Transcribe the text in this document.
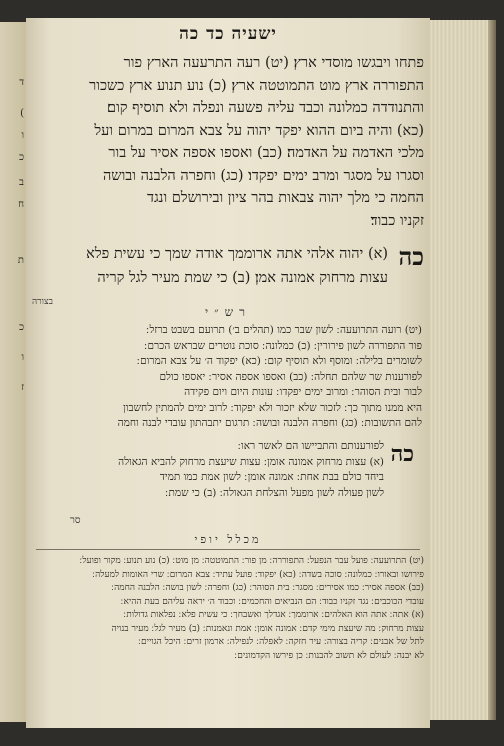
ד
(
ו
כ
ב
ח
ת
כ
ו
ז
ישעיה כד כה

פתחו ויבגשו מוסדי ארץ׃ (יט) רעה התרעעה הארץ פור

התפוררה ארץ מוט התמוטטה ארץ׃ (כ) נוע תנוע ארץ כשכור

והתנודדה כמלונה וכבד עליה פשעה ונפלה ולא תוסיף קום׃

(כא) והיה ביום ההוא יפקד יהוה על צבא המרום במרום ועל

מלכי האדמה על האדמה׃ (כב) ואספו אספה אסיר על בור

וסגרו על מסגר ומרב ימים יפקדו׃ (כג) וחפרה הלבנה ובושה

החמה כי מלך יהוה צבאות בהר ציון ובירושלם ונגד

זקניו כבוד׃

כה

(א) יהוה אלהי אתה ארוממך אודה שמך כי עשית פלא

עצות מרחוק אמונה אמן׃ (ב) כי שמת מעיר לגל קריה

בצורה
רש״י

(יט) רועה התרועעה ׃ לשון שבר כמו (תהלים ב׳) תרועם בשבט ברזל ׃

פור התפוררה לשון פירורין ׃ (כ) כמלונה ׃ סוכת נוטרים שבראש הכרם ׃

לשומרים בלילה ׃ ומוסף ולא תוסיף קום ׃ (כא) יפקוד ה׳ על צבא המרום ׃

לפורענות שר שלהם תחלה ׃ (כב) ואספו אספה אסיר ׃ יאספו כולם

לבור ובית הסוהר ׃ ומרוב ימים יפקדו ׃ עונות היום ויום פקידה

היא ממנו מתוך כך ׃ לזכור שלא יזכור ולא יפקוד ׃ לרוב ימים להמתין לחשבון

להם התשובות ׃ (כג) וחפרה הלבנה ובושה ׃ תרגום יתבהתון עובדי לבנה וחמה

כה

לפורענותם והתביישו הם לאשר ראו ׃

(א) עצות מרחוק אמונה אומן ׃ עצות שיעצת מרחוק להביא הגאולה

ביחד כולם בבת אחת ׃ אמונה אומן ׃ לשון אמת כמו תמיד

לשון פעולה לשון מפעל והצלחת הגאולה ׃ (ב) כי שמת ׃

סר
מכלל יופי

(יט) התרועעה ׃ פועל עבר הנפעל ׃ התפוררה ׃ מן פור ׃ התמוטטה ׃ מן מוט ׃ (כ) נוע תנוע ׃ מקור ופועל ׃

פירושו ובאורו ׃ כמלונה ׃ סוכה בשדה ׃ (כא) יפקוד ׃ פועל עתיד ׃ צבא המרום ׃ שרי האומות למעלה ׃

(כב) אספה אסיר ׃ כמו אסירים ׃ מסגר ׃ בית הסוהר ׃ (כג) וחפרה ׃ לשון בושה ׃ הלבנה החמה ׃

עובדי הכוכבים ׃ נגד זקניו כבוד ׃ הם הנביאים והחכמים ׃ וכבוד ה׳ יראה עליהם בעת ההיא ׃

(א) אתה ׃ אתה הוא האלהים ׃ ארוממך ׃ אגדלך ואשבחך ׃ כי עשית פלא ׃ נפלאות גדולות ׃

עצות מרחוק ׃ מה שיעצת מימי קדם ׃ אמונה אומן ׃ אמת ונאמנות ׃ (ב) מעיר לגל ׃ מעיר בנויה

לתל של אבנים ׃ קריה בצורה ׃ עיר חזקה ׃ לאפלה ׃ לנפילה ׃ ארמון זרים ׃ היכל הגויים ׃

לא יבנה ׃ לעולם לא תשוב להבנות ׃ כן פירשו הקדמונים ׃
